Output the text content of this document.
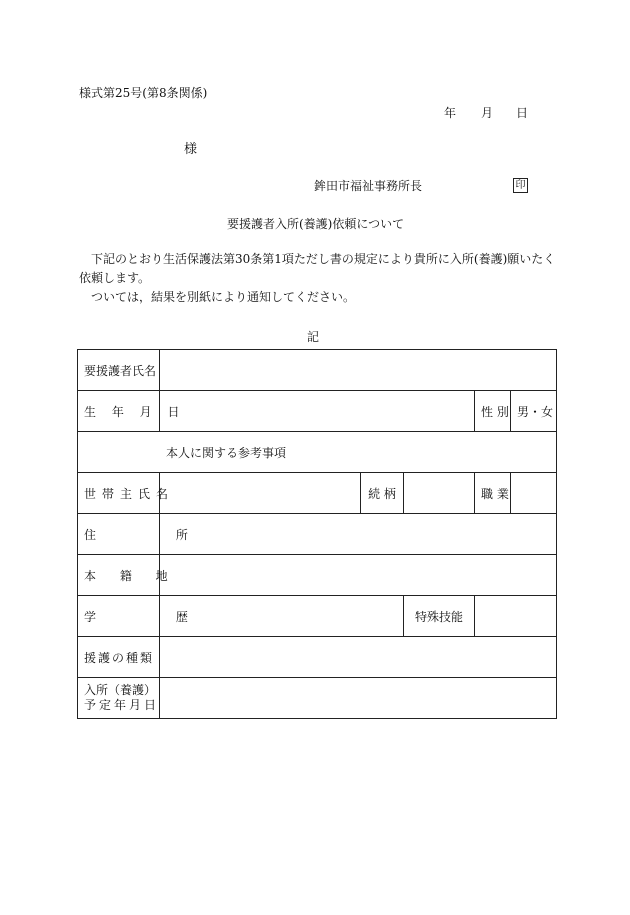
様式第25号(第8条関係)
年 月 日
様
鉾田市福祉事務所長	印
要援護者入所(養護)依頼について

下記のとおり生活保護法第30条第1項ただし書の規定により貴所に入所(養護)願いたく依頼します。

ついては，結果を別紙により通知してください。

記
要援護者氏名					
生 年 月 日				性 別	男・女
本人に関する参考事項					
世帯主氏名		続 柄		職 業	
住 所					
本 籍 地					
学 歴			特殊技能		
援護の種類					

入所（養護）
予定年月日					
